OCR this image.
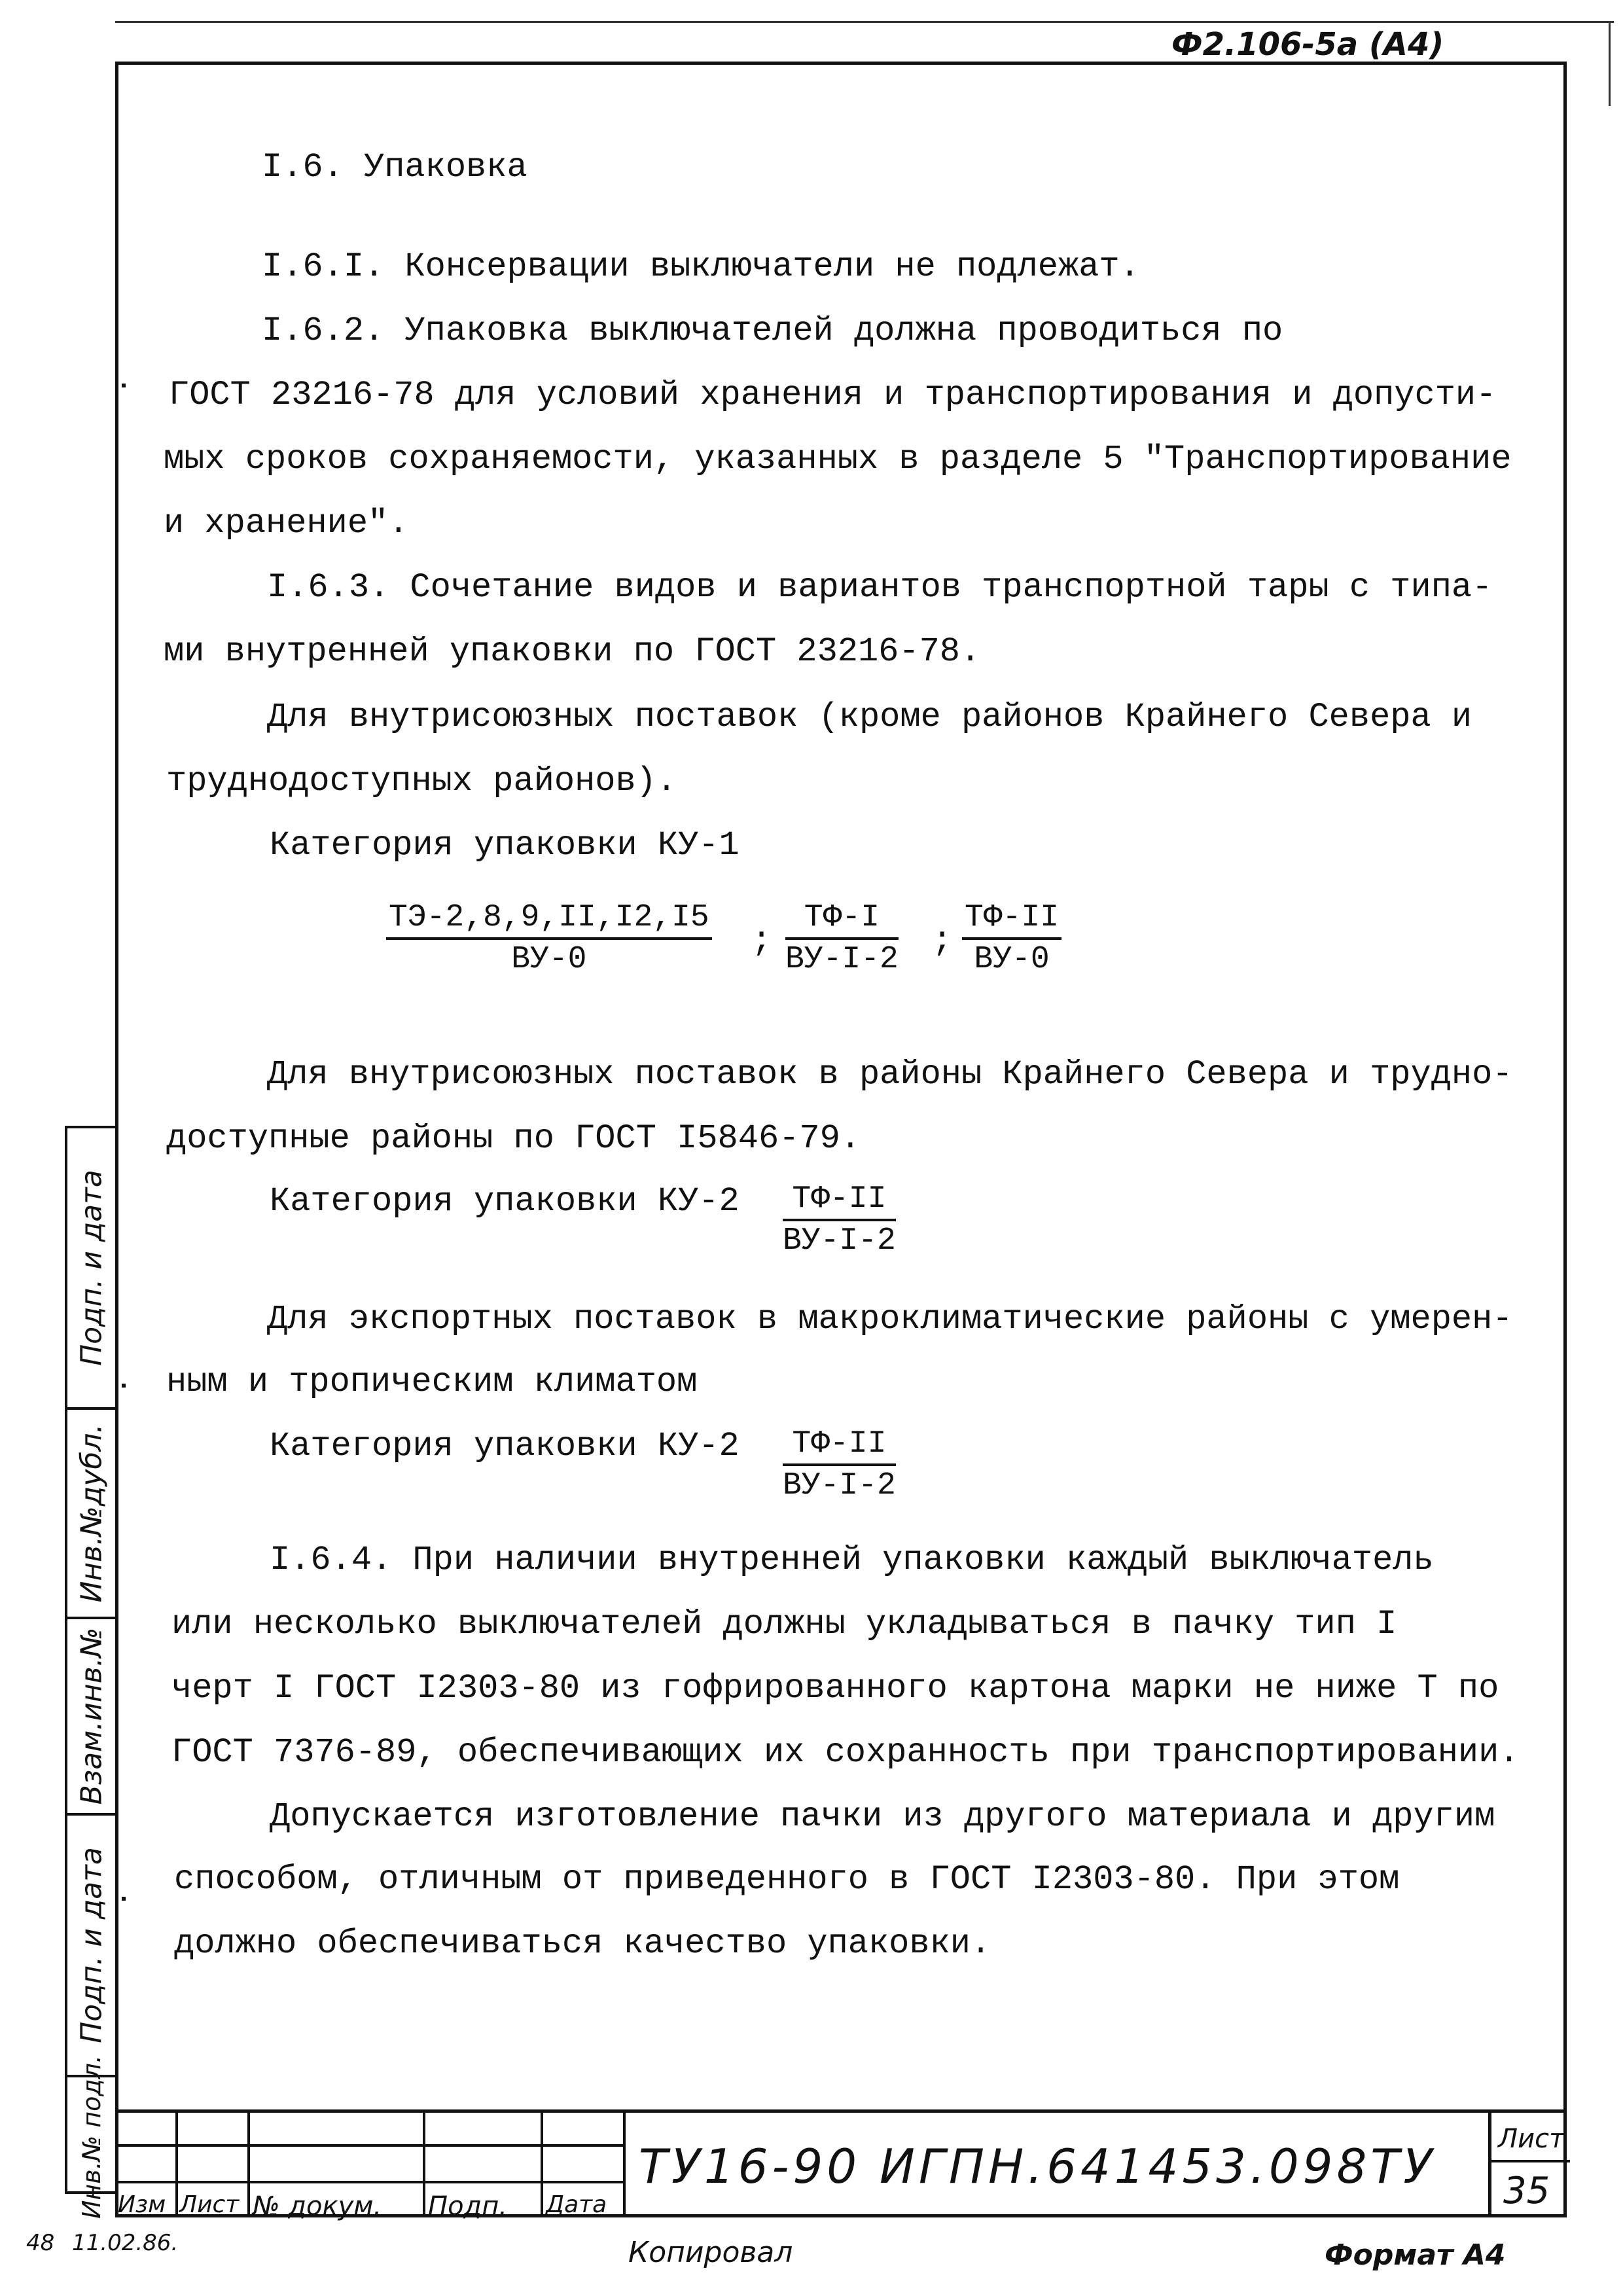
Ф2.106-5а (А4)
I.6. Упаковка
I.6.I. Консервации выключатели не подлежат.
I.6.2. Упаковка выключателей должна проводиться по
ГОСТ 23216-78 для условий хранения и транспортирования и допусти-
мых сроков сохраняемости, указанных в разделе 5 "Транспортирование
и хранение".
I.6.3. Сочетание видов и вариантов транспортной тары с типа-
ми внутренней упаковки по ГОСТ 23216-78.
Для внутрисоюзных поставок (кроме районов Крайнего Севера и
труднодоступных районов).
Категория упаковки КУ-1
ТЭ-2,8,9,II,I2,I5
ВУ-0	;
ТФ-I
ВУ-I-2 ;
ТФ-II
ВУ-0
Для внутрисоюзных поставок в районы Крайнего Севера и трудно-
доступные районы по ГОСТ I5846-79.
Категория упаковки КУ-2 ТФ-II
ВУ-I-2
Для экспортных поставок в макроклиматические районы с умерен-
ным и тропическим климатом
Категория упаковки КУ-2 ТФ-II
ВУ-I-2
I.6.4. При наличии внутренней упаковки каждый выключатель
или несколько выключателей должны укладываться в пачку тип I
черт I ГОСТ I2303-80 из гофрированного картона марки не ниже Т по
ГОСТ 7376-89, обеспечивающих их сохранность при транспортировании.
Допускается изготовление пачки из другого материала и другим
способом, отличным от приведенного в ГОСТ I2303-80. При этом
должно обеспечиваться качество упаковки.
Подп. и дата
Инв.№дубл.
Взам.инв.№
Подп. и дата
Инв.№ подл. Изм Лист № докум. Подп. Дата
ТУ16-90 ИГПН.641453.098ТУ Лист
35
48 11.02.86.	Копировал	Формат А4
